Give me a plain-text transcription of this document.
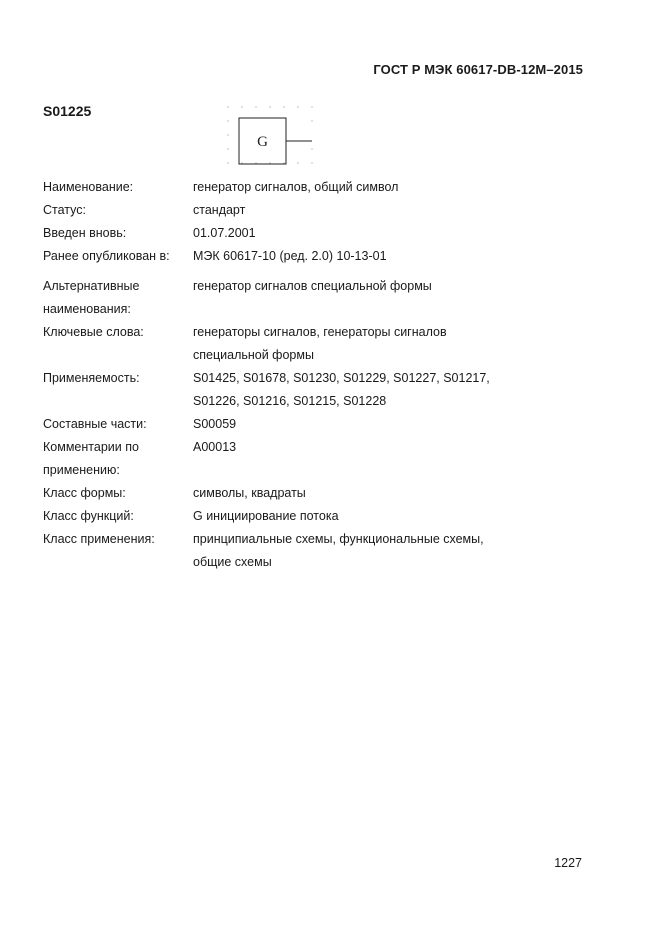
ГОСТ Р МЭК 60617-DB-12M–2015
S01225
G
Наименование:	генератор сигналов, общий символ
Статус:	стандарт
Введен вновь:	01.07.2001
Ранее опубликован в:	МЭК 60617-10 (ред. 2.0) 10-13-01
Альтернативные наименования:
генератор сигналов специальной формы
Ключевые слова:	генераторы сигналов, генераторы сигналов специальной формы
Применяемость:	S01425, S01678, S01230, S01229, S01227, S01217, S01226, S01216, S01215, S01228
Составные части:	S00059
Комментарии по применению:
A00013
Класс формы:	символы, квадраты
Класс функций:	G инициирование потока
Класс применения:	принципиальные схемы, функциональные схемы, общие схемы
1227
